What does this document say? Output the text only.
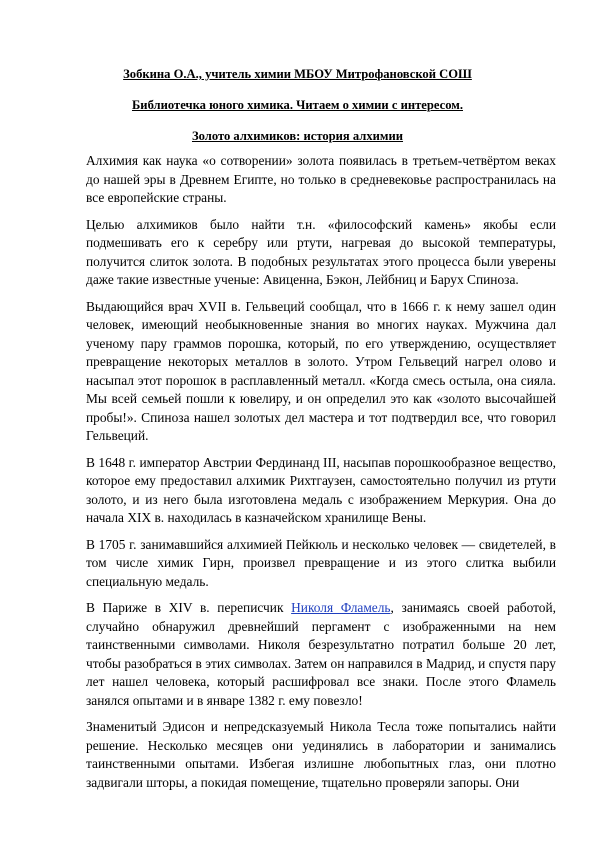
Зобкина О.А., учитель химии МБОУ Митрофановской СОШ
Библиотечка юного химика. Читаем о химии с интересом.
Золото алхимиков: история алхимии

Алхимия как наука «о сотворении» золота появилась в третьем-четвёртом веках до нашей эры в Древнем Египте, но только в средневековье распространилась на все европейские страны.

Целью алхимиков было найти т.н. «философский камень» якобы если подмешивать его к серебру или ртути, нагревая до высокой температуры, получится слиток золота. В подобных результатах этого процесса были уверены даже такие известные ученые: Авиценна, Бэкон, Лейбниц и Барух Спиноза.

Выдающийся врач XVII в. Гельвеций сообщал, что в 1666 г. к нему зашел один человек, имеющий необыкновенные знания во многих науках. Мужчина дал ученому пару граммов порошка, который, по его утверждению, осуществляет превращение некоторых металлов в золото. Утром Гельвеций нагрел олово и насыпал этот порошок в расплавленный металл. «Когда смесь остыла, она сияла. Мы всей семьей пошли к ювелиру, и он определил это как «золото высочайшей пробы!». Спиноза нашел золотых дел мастера и тот подтвердил все, что говорил Гельвеций.

В 1648 г. император Австрии Фердинанд III, насыпав порошкообразное вещество, которое ему предоставил алхимик Рихтгаузен, самостоятельно получил из ртути золото, и из него была изготовлена медаль с изображением Меркурия. Она до начала XIX в. находилась в казначейском хранилище Вены.

В 1705 г. занимавшийся алхимией Пейкюль и несколько человек — свидетелей, в том числе химик Гирн, произвел превращение и из этого слитка выбили специальную медаль.

В Париже в XIV в. переписчик Николя Фламель, занимаясь своей работой, случайно обнаружил древнейший пергамент с изображенными на нем таинственными символами. Николя безрезультатно потратил больше 20 лет, чтобы разобраться в этих символах. Затем он направился в Мадрид, и спустя пару лет нашел человека, который расшифровал все знаки. После этого Фламель занялся опытами и в январе 1382 г. ему повезло!

Знаменитый Эдисон и непредсказуемый Никола Тесла тоже попытались найти решение. Несколько месяцев они уединялись в лаборатории и занимались таинственными опытами. Избегая излишне любопытных глаз, они плотно задвигали шторы, а покидая помещение, тщательно проверяли запоры. Они
